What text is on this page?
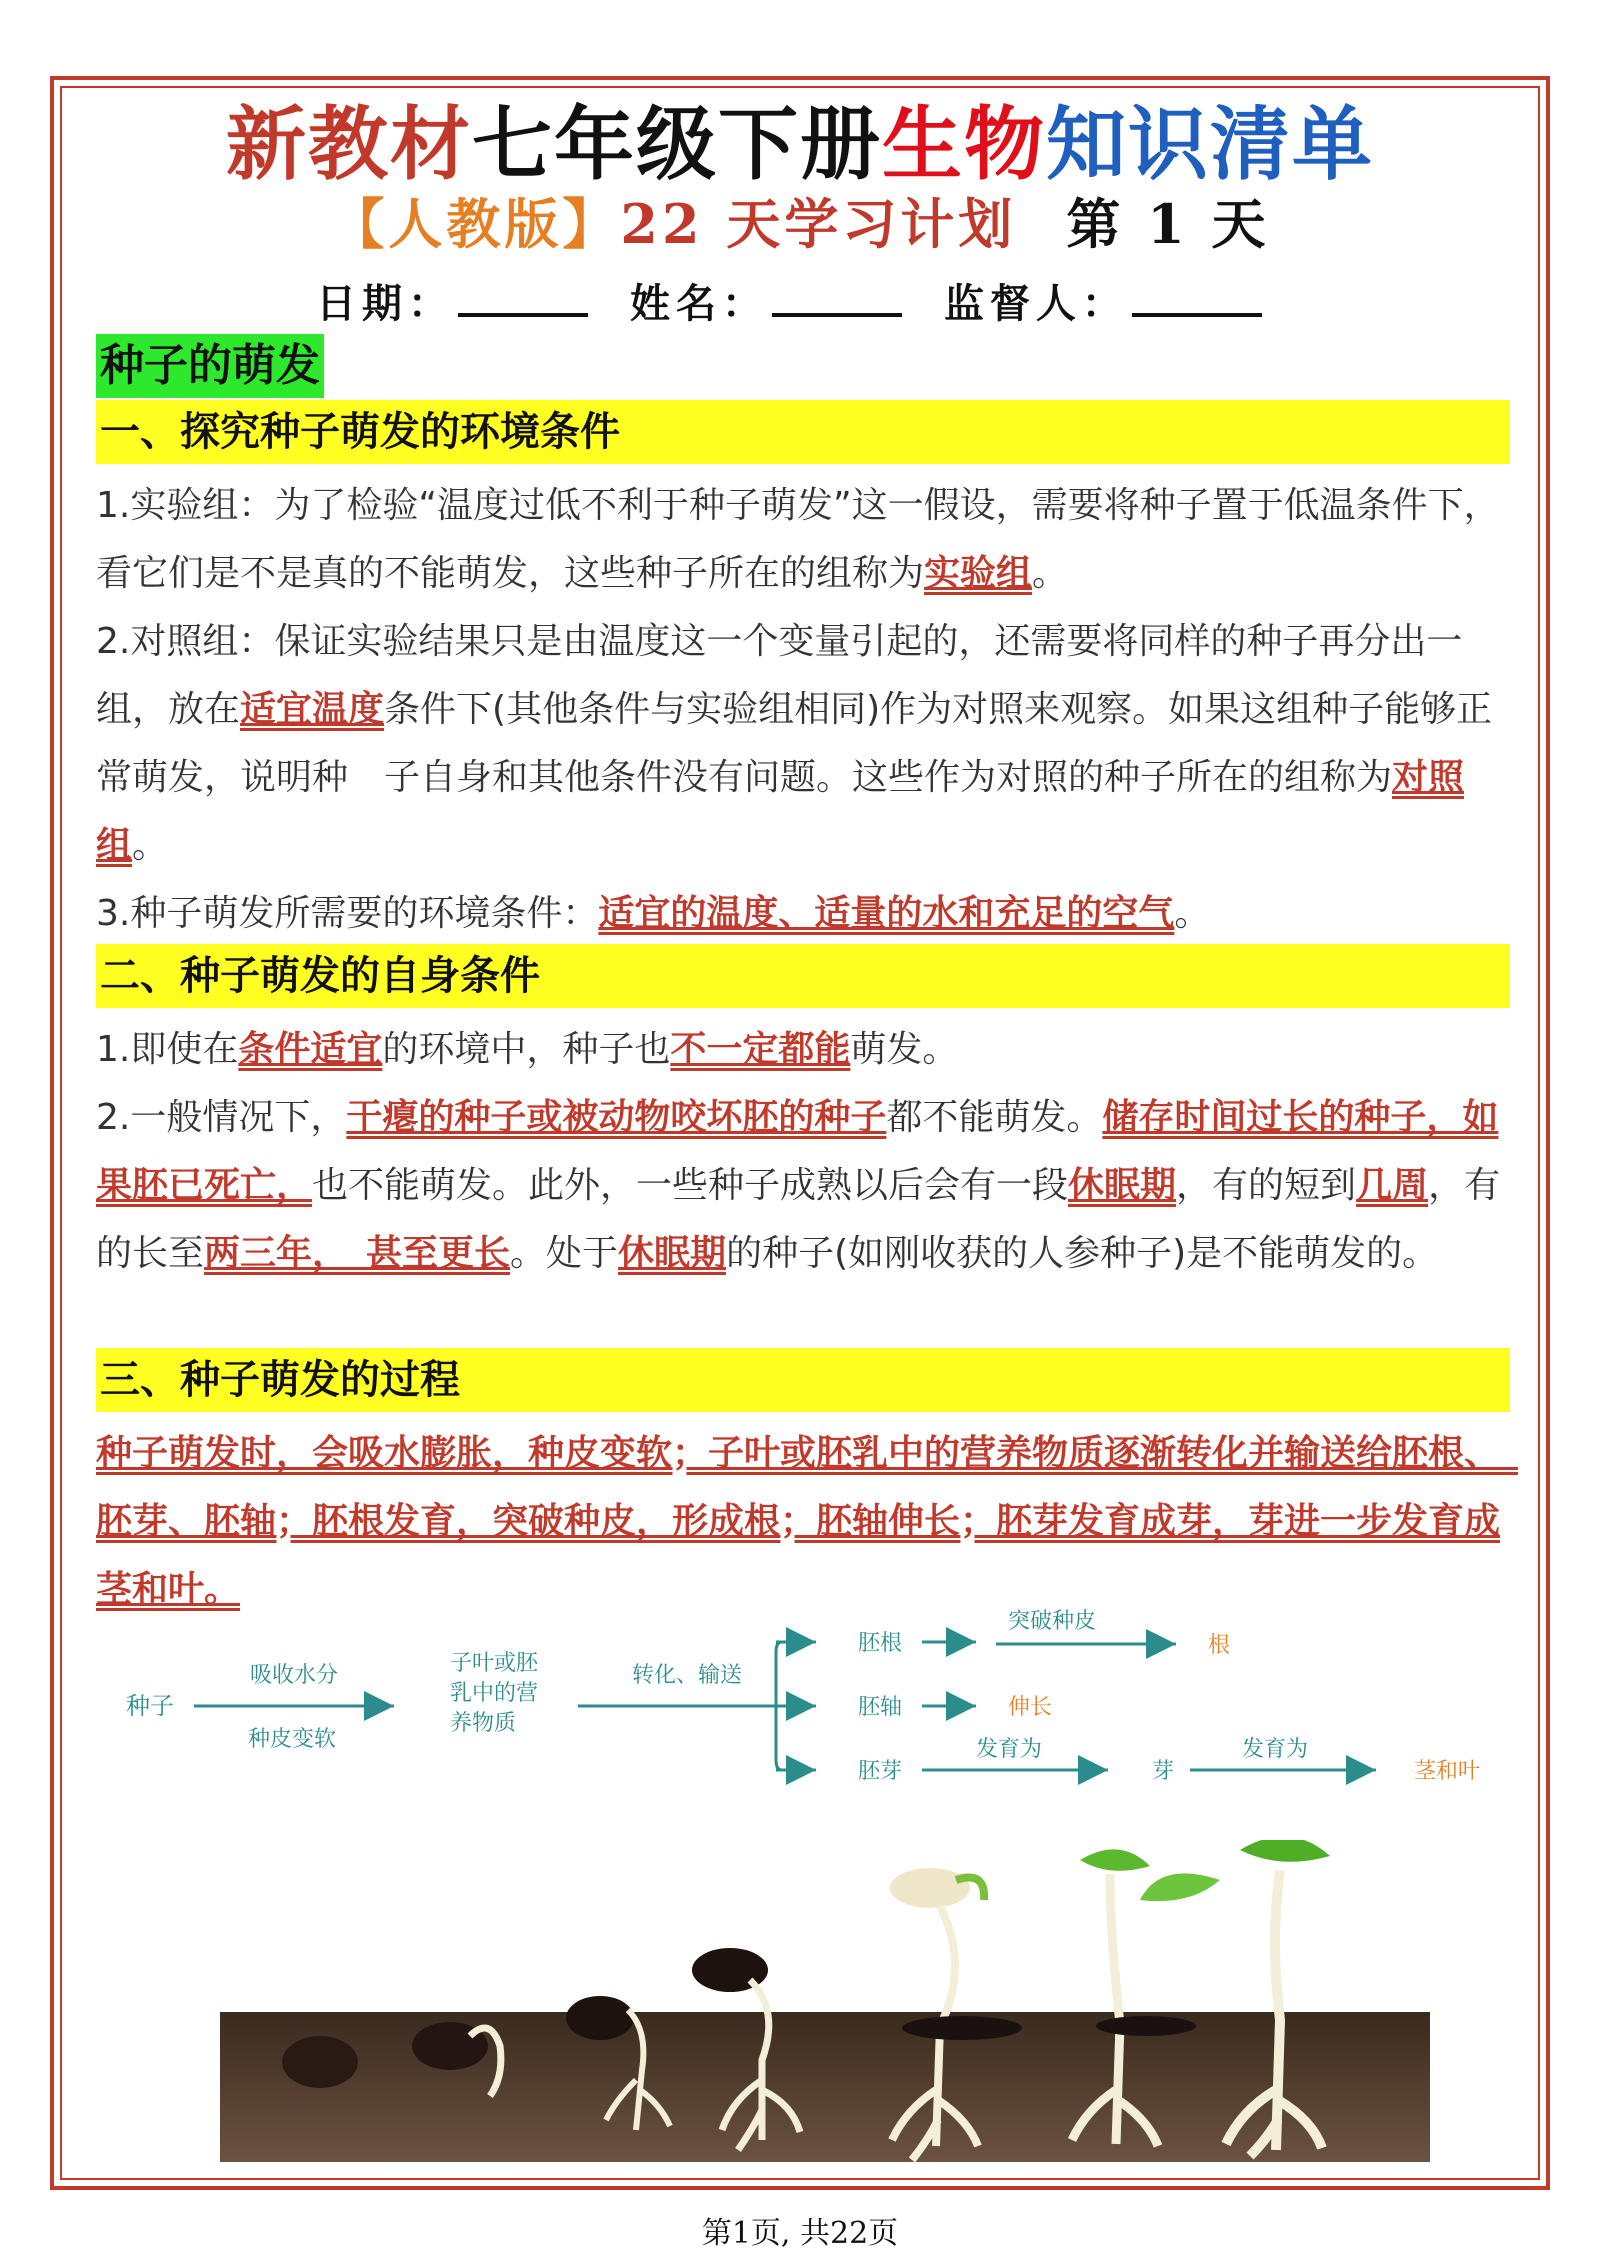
新教材七年级下册生物知识清单
【人教版】22 天学习计划 第 1 天
日期：	姓名：	监督人：
种子的萌发
一、探究种子萌发的环境条件
1.实验组：为了检验“温度过低不利于种子萌发”这一假设，需要将种子置于低温条件下，看它们是不是真的不能萌发，这些种子所在的组称为实验组。
2.对照组：保证实验结果只是由温度这一个变量引起的，还需要将同样的种子再分出一组，放在适宜温度条件下(其他条件与实验组相同)作为对照来观察。如果这组种子能够正常萌发，说明种　子自身和其他条件没有问题。这些作为对照的种子所在的组称为对照组。
3.种子萌发所需要的环境条件：适宜的温度、适量的水和充足的空气。
二、种子萌发的自身条件
1.即使在条件适宜的环境中，种子也不一定都能萌发。
2.一般情况下，干瘪的种子或被动物咬坏胚的种子都不能萌发。储存时间过长的种子，如果胚已死亡，也不能萌发。此外，一些种子成熟以后会有一段休眠期，有的短到几周，有的长至两三年，　甚至更长。处于休眠期的种子(如刚收获的人参种子)是不能萌发的。
三、种子萌发的过程
种子萌发时，会吸水膨胀，种皮变软；子叶或胚乳中的营养物质逐渐转化并输送给胚根、　胚芽、胚轴；胚根发育，突破种皮，形成根；胚轴伸长；胚芽发育成芽，芽进一步发育成茎和叶。
种子
吸收水分
种皮变软
子叶或胚
乳中的营
养物质
转化、输送
胚根
胚轴
胚芽
突破种皮
根
伸长
发育为
芽
发育为
茎和叶
第1页, 共22页
